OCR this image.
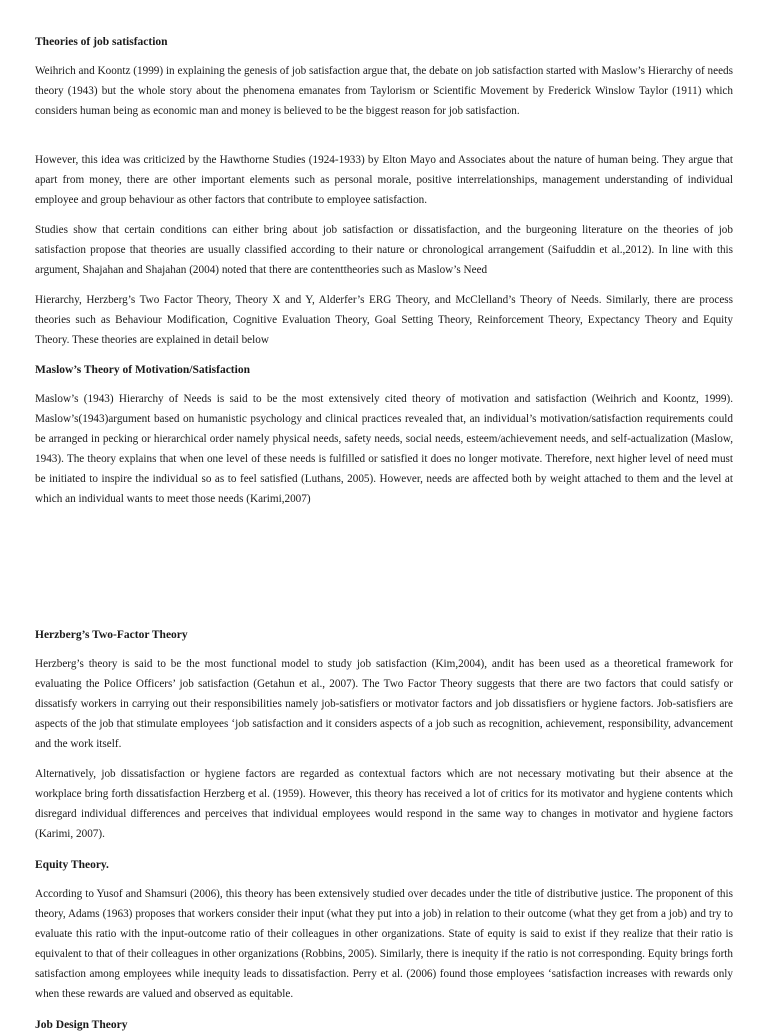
Theories of job satisfaction

Weihrich and Koontz (1999) in explaining the genesis of job satisfaction argue that, the debate on job satisfaction started with Maslow’s Hierarchy of needs theory (1943) but the whole story about the phenomena emanates from Taylorism or Scientific Movement by Frederick Winslow Taylor (1911) which considers human being as economic man and money is believed to be the biggest reason for job satisfaction.

However, this idea was criticized by the Hawthorne Studies (1924-1933) by Elton Mayo and Associates about the nature of human being. They argue that apart from money, there are other important elements such as personal morale, positive interrelationships, management understanding of individual employee and group behaviour as other factors that contribute to employee satisfaction.

Studies show that certain conditions can either bring about job satisfaction or dissatisfaction, and the burgeoning literature on the theories of job satisfaction propose that theories are usually classified according to their nature or chronological arrangement (Saifuddin et al.,2012). In line with this argument, Shajahan and Shajahan (2004) noted that there are contenttheories such as Maslow’s Need

Hierarchy, Herzberg’s Two Factor Theory, Theory X and Y, Alderfer’s ERG Theory, and McClelland’s Theory of Needs. Similarly, there are process theories such as Behaviour Modification, Cognitive Evaluation Theory, Goal Setting Theory, Reinforcement Theory, Expectancy Theory and Equity Theory. These theories are explained in detail below

Maslow’s Theory of Motivation/Satisfaction

Maslow’s (1943) Hierarchy of Needs is said to be the most extensively cited theory of motivation and satisfaction (Weihrich and Koontz, 1999). Maslow’s(1943)argument based on humanistic psychology and clinical practices revealed that, an individual’s motivation/satisfaction requirements could be arranged in pecking or hierarchical order namely physical needs, safety needs, social needs, esteem/achievement needs, and self-actualization (Maslow, 1943). The theory explains that when one level of these needs is fulfilled or satisfied it does no longer motivate. Therefore, next higher level of need must be initiated to inspire the individual so as to feel satisfied (Luthans, 2005). However, needs are affected both by weight attached to them and the level at which an individual wants to meet those needs (Karimi,2007)

Herzberg’s Two-Factor Theory

Herzberg’s theory is said to be the most functional model to study job satisfaction (Kim,2004), andit has been used as a theoretical framework for evaluating the Police Officers’ job satisfaction (Getahun et al., 2007). The Two Factor Theory suggests that there are two factors that could satisfy or dissatisfy workers in carrying out their responsibilities namely job-satisfiers or motivator factors and job dissatisfiers or hygiene factors. Job-satisfiers are aspects of the job that stimulate employees ‘job satisfaction and it considers aspects of a job such as recognition, achievement, responsibility, advancement and the work itself.

Alternatively, job dissatisfaction or hygiene factors are regarded as contextual factors which are not necessary motivating but their absence at the workplace bring forth dissatisfaction Herzberg et al. (1959). However, this theory has received a lot of critics for its motivator and hygiene contents which disregard individual differences and perceives that individual employees would respond in the same way to changes in motivator and hygiene factors (Karimi, 2007).

Equity Theory.

According to Yusof and Shamsuri (2006), this theory has been extensively studied over decades under the title of distributive justice. The proponent of this theory, Adams (1963) proposes that workers consider their input (what they put into a job) in relation to their outcome (what they get from a job) and try to evaluate this ratio with the input-outcome ratio of their colleagues in other organizations. State of equity is said to exist if they realize that their ratio is equivalent to that of their colleagues in other organizations (Robbins, 2005). Similarly, there is inequity if the ratio is not corresponding. Equity brings forth satisfaction among employees while inequity leads to dissatisfaction. Perry et al. (2006) found those employees ‘satisfaction increases with rewards only when these rewards are valued and observed as equitable.

Job Design Theory
